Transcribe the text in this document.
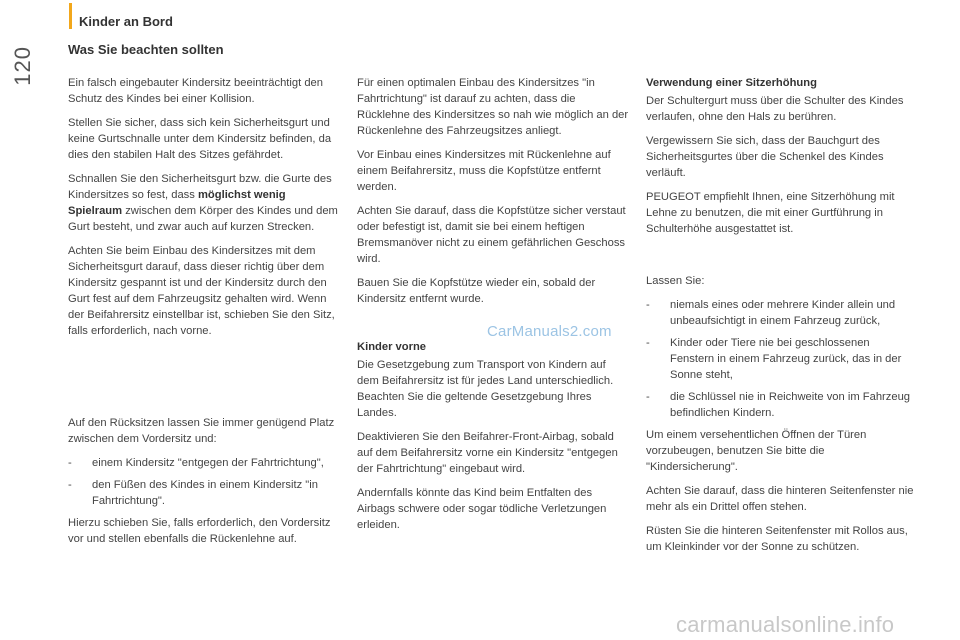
Kinder an Bord
120	Was Sie beachten sollten

Ein falsch eingebauter Kindersitz beeinträchtigt den Schutz des Kindes bei einer Kollision.

Stellen Sie sicher, dass sich kein Sicherheitsgurt und keine Gurtschnalle unter dem Kindersitz befinden, da dies den stabilen Halt des Sitzes gefährdet.

Schnallen Sie den Sicherheitsgurt bzw. die Gurte des Kindersitzes so fest, dass möglichst wenig Spielraum zwischen dem Körper des Kindes und dem Gurt besteht, und zwar auch auf kurzen Strecken.

Achten Sie beim Einbau des Kindersitzes mit dem Sicherheitsgurt darauf, dass dieser richtig über dem Kindersitz gespannt ist und der Kindersitz durch den Gurt fest auf dem Fahrzeugsitz gehalten wird. Wenn der Beifahrersitz einstellbar ist, schieben Sie den Sitz, falls erforderlich, nach vorne.

Auf den Rücksitzen lassen Sie immer genügend Platz zwischen dem Vordersitz und:

- einem Kindersitz "entgegen der Fahrtrichtung",
- den Füßen des Kindes in einem Kindersitz "in Fahrtrichtung".

Hierzu schieben Sie, falls erforderlich, den Vordersitz vor und stellen ebenfalls die Rückenlehne auf.

Für einen optimalen Einbau des Kindersitzes "in Fahrtrichtung" ist darauf zu achten, dass die Rücklehne des Kindersitzes so nah wie möglich an der Rückenlehne des Fahrzeugsitzes anliegt.

Vor Einbau eines Kindersitzes mit Rückenlehne auf einem Beifahrersitz, muss die Kopfstütze entfernt werden.

Achten Sie darauf, dass die Kopfstütze sicher verstaut oder befestigt ist, damit sie bei einem heftigen Bremsmanöver nicht zu einem gefährlichen Geschoss wird.

Bauen Sie die Kopfstütze wieder ein, sobald der Kindersitz entfernt wurde.

Kinder vorne

Die Gesetzgebung zum Transport von Kindern auf dem Beifahrersitz ist für jedes Land unterschiedlich. Beachten Sie die geltende Gesetzgebung Ihres Landes.

Deaktivieren Sie den Beifahrer-Front-Airbag, sobald auf dem Beifahrersitz vorne ein Kindersitz "entgegen der Fahrtrichtung" eingebaut wird.

Andernfalls könnte das Kind beim Entfalten des Airbags schwere oder sogar tödliche Verletzungen erleiden.

Verwendung einer Sitzerhöhung

Der Schultergurt muss über die Schulter des Kindes verlaufen, ohne den Hals zu berühren.

Vergewissern Sie sich, dass der Bauchgurt des Sicherheitsgurtes über die Schenkel des Kindes verläuft.

PEUGEOT empfiehlt Ihnen, eine Sitzerhöhung mit Lehne zu benutzen, die mit einer Gurtführung in Schulterhöhe ausgestattet ist.

Lassen Sie:

- niemals eines oder mehrere Kinder allein und unbeaufsichtigt in einem Fahrzeug zurück,
- Kinder oder Tiere nie bei geschlossenen Fenstern in einem Fahrzeug zurück, das in der Sonne steht,
- die Schlüssel nie in Reichweite von im Fahrzeug befindlichen Kindern.

Um einem versehentlichen Öffnen der Türen vorzubeugen, benutzen Sie bitte die "Kindersicherung".

Achten Sie darauf, dass die hinteren Seitenfenster nie mehr als ein Drittel offen stehen.

Rüsten Sie die hinteren Seitenfenster mit Rollos aus, um Kleinkinder vor der Sonne zu schützen.

CarManuals2.com
carmanualsonline.info
